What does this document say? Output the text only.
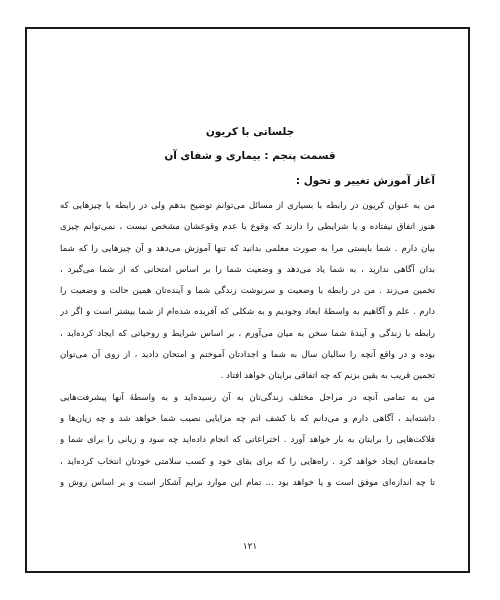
جلساتی با کریون
قسمت پنجم : بیماری و شفای آن
آغاز آموزش تغییر و تحول :
من به عنوان کریون در رابطه با بسیاری از مسائل می‌توانم توضیح بدهم ولی در رابطه با چیزهایی که
هنوز اتفاق نیفتاده و یا شرایطی را دارند که وقوع یا عدم وقوعشان مشخص نیست ، نمی‌توانم چیزی
بیان دارم . شما بایستی مرا به صورت معلمی بدانید که تنها آموزش می‌دهد و آن چیزهایی را که شما
بدان آگاهی ندارید ، به شما یاد می‌دهد و وضعیت شما را بر اساس امتحانی که از شما می‌گیرد ،
تخمین می‌زند . من در رابطه با وضعیت و سرنوشت زندگی شما و آینده‌تان همین حالت و وضعیت را
دارم . علم و آگاهیم به واسطهٔ ابعاد وجودیم و به شکلی که آفریده شده‌ام از شما بیشتر است و اگر در
رابطه با زندگی و آیندهٔ شما سخن به میان می‌آورم ، بر اساس شرایط و روحیاتی که ایجاد کرده‌اید ،
بوده و در واقع آنچه را سالیان سال به شما و اجدادتان آموختم و امتحان دادید ، از روی آن می‌توان
تخمین قریب به یقین بزنم که چه اتفاقی برایتان خواهد افتاد .
من به تمامی آنچه در مراحل مختلف زندگی‌تان به آن رسیده‌اید و به واسطهٔ آنها پیشرفت‌هایی
داشته‌اید ، آگاهی دارم و می‌دانم که با کشف اتم چه مزایایی نصیب شما خواهد شد و چه زیان‌ها و
فلاکت‌هایی را برایتان به بار خواهد آورد . اختراعاتی که انجام داده‌اید چه سود و زیانی را برای شما و
جامعه‌تان ایجاد خواهد کرد . راه‌هایی را که برای بقای خود و کسب سلامتی خودتان انتخاب کرده‌اید ،
تا چه اندازه‌ای موفق است و یا خواهد بود ... تمام این موارد برایم آشکار است و بر اساس روش و
۱۲۱
